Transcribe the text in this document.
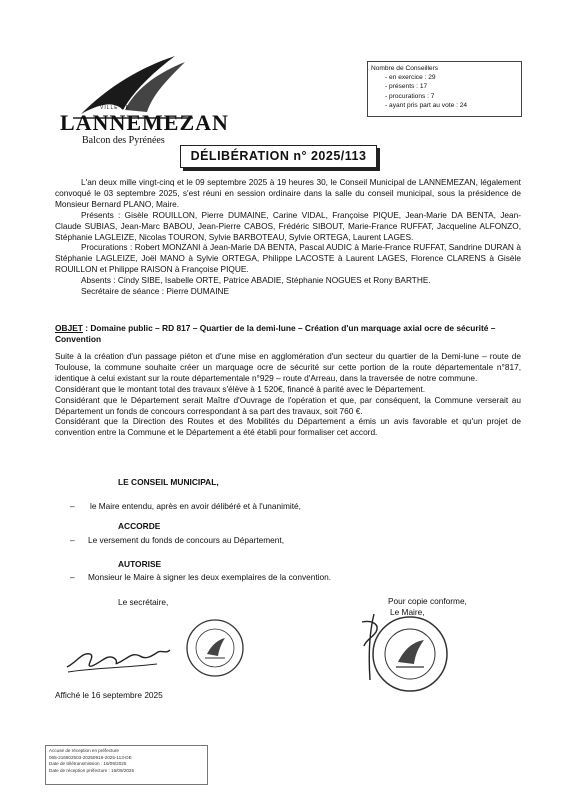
VILLE DE
LANNEMEZAN
Balcon des Pyrénées
Nombre de Conseillers
- en exercice : 29
- présents : 17
- procurations : 7
- ayant pris part au vote : 24
DÉLIBÉRATION n° 2025/113
L'an deux mille vingt-cinq et le 09 septembre 2025 à 19 heures 30, le Conseil Municipal de LANNEMEZAN, légalement convoqué le 03 septembre 2025, s'est réuni en session ordinaire dans la salle du conseil municipal, sous la présidence de Monsieur Bernard PLANO, Maire.
Présents : Gisèle ROUILLON, Pierre DUMAINE, Carine VIDAL, Françoise PIQUE, Jean-Marie DA BENTA, Jean-Claude SUBIAS, Jean-Marc BABOU, Jean-Pierre CABOS, Frédéric SIBOUT, Marie-France RUFFAT, Jacqueline ALFONZO, Stéphanie LAGLEIZE, Nicolas TOURON, Sylvie BARBOTEAU, Sylvie ORTEGA, Laurent LAGES.
Procurations : Robert MONZANI à Jean-Marie DA BENTA, Pascal AUDIC à Marie-France RUFFAT, Sandrine DURAN à Stéphanie LAGLEIZE, Joël MANO à Sylvie ORTEGA, Philippe LACOSTE à Laurent LAGES, Florence CLARENS à Gisèle ROUILLON et Philippe RAISON à Françoise PIQUE.
Absents : Cindy SIBE, Isabelle ORTE, Patrice ABADIE, Stéphanie NOGUES et Rony BARTHE.
Secrétaire de séance : Pierre DUMAINE
OBJET : Domaine public – RD 817 – Quartier de la demi-lune – Création d'un marquage axial ocre de sécurité – Convention
Suite à la création d'un passage piéton et d'une mise en agglomération d'un secteur du quartier de la Demi-lune – route de Toulouse, la commune souhaite créer un marquage ocre de sécurité sur cette portion de la route départementale n°817, identique à celui existant sur la route départementale n°929 – route d'Arreau, dans la traversée de notre commune.
Considérant que le montant total des travaux s'élève à 1 520€, financé à parité avec le Département.
Considérant que le Département serait Maître d'Ouvrage de l'opération et que, par conséquent, la Commune verserait au Département un fonds de concours correspondant à sa part des travaux, soit 760 €.
Considérant que la Direction des Routes et des Mobilités du Département a émis un avis favorable et qu'un projet de convention entre la Commune et le Département a été établi pour formaliser cet accord.
LE CONSEIL MUNICIPAL,
– le Maire entendu, après en avoir délibéré et à l'unanimité,
ACCORDE
– Le versement du fonds de concours au Département,
AUTORISE
– Monsieur le Maire à signer les deux exemplaires de la convention.
Le secrétaire,	Pour copie conforme,
Le Maire,
Affiché le 16 septembre 2025
Accusé de réception en préfecture
065-216502503-20250916-2025-113-DE
Date de télétransmission : 16/09/2025
Date de réception préfecture : 16/09/2025
